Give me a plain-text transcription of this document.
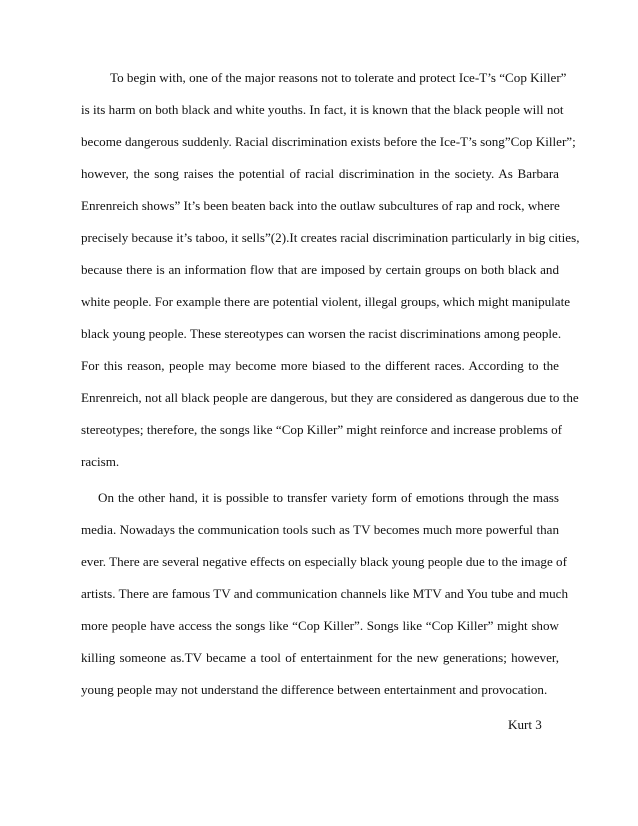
To begin with, one of the major reasons not to tolerate and protect Ice-T’s “Cop Killer”

is its harm on both black and white youths. In fact, it is known that the black people will not

become dangerous suddenly. Racial discrimination exists before the Ice-T’s song”Cop Killer”;

however, the song raises the potential of racial discrimination in the society. As Barbara

Enrenreich shows” It’s been beaten back into the outlaw subcultures of rap and rock, where

precisely because it’s taboo, it sells”(2).It creates racial discrimination particularly in big cities,

because there is an information flow that are imposed by certain groups on both black and

white people. For example there are potential violent, illegal groups, which might manipulate

black young people. These stereotypes can worsen the racist discriminations among people.

For this reason, people may become more biased to the different races. According to the

Enrenreich, not all black people are dangerous, but they are considered as dangerous due to the

stereotypes; therefore, the songs like “Cop Killer” might reinforce and increase problems of

racism.

On the other hand, it is possible to transfer variety form of emotions through the mass

media. Nowadays the communication tools such as TV becomes much more powerful than

ever. There are several negative effects on especially black young people due to the image of

artists. There are famous TV and communication channels like MTV and You tube and much

more people have access the songs like “Cop Killer”. Songs like “Cop Killer” might show

killing someone as.TV became a tool of entertainment for the new generations; however,

young people may not understand the difference between entertainment and provocation.

Kurt 3
